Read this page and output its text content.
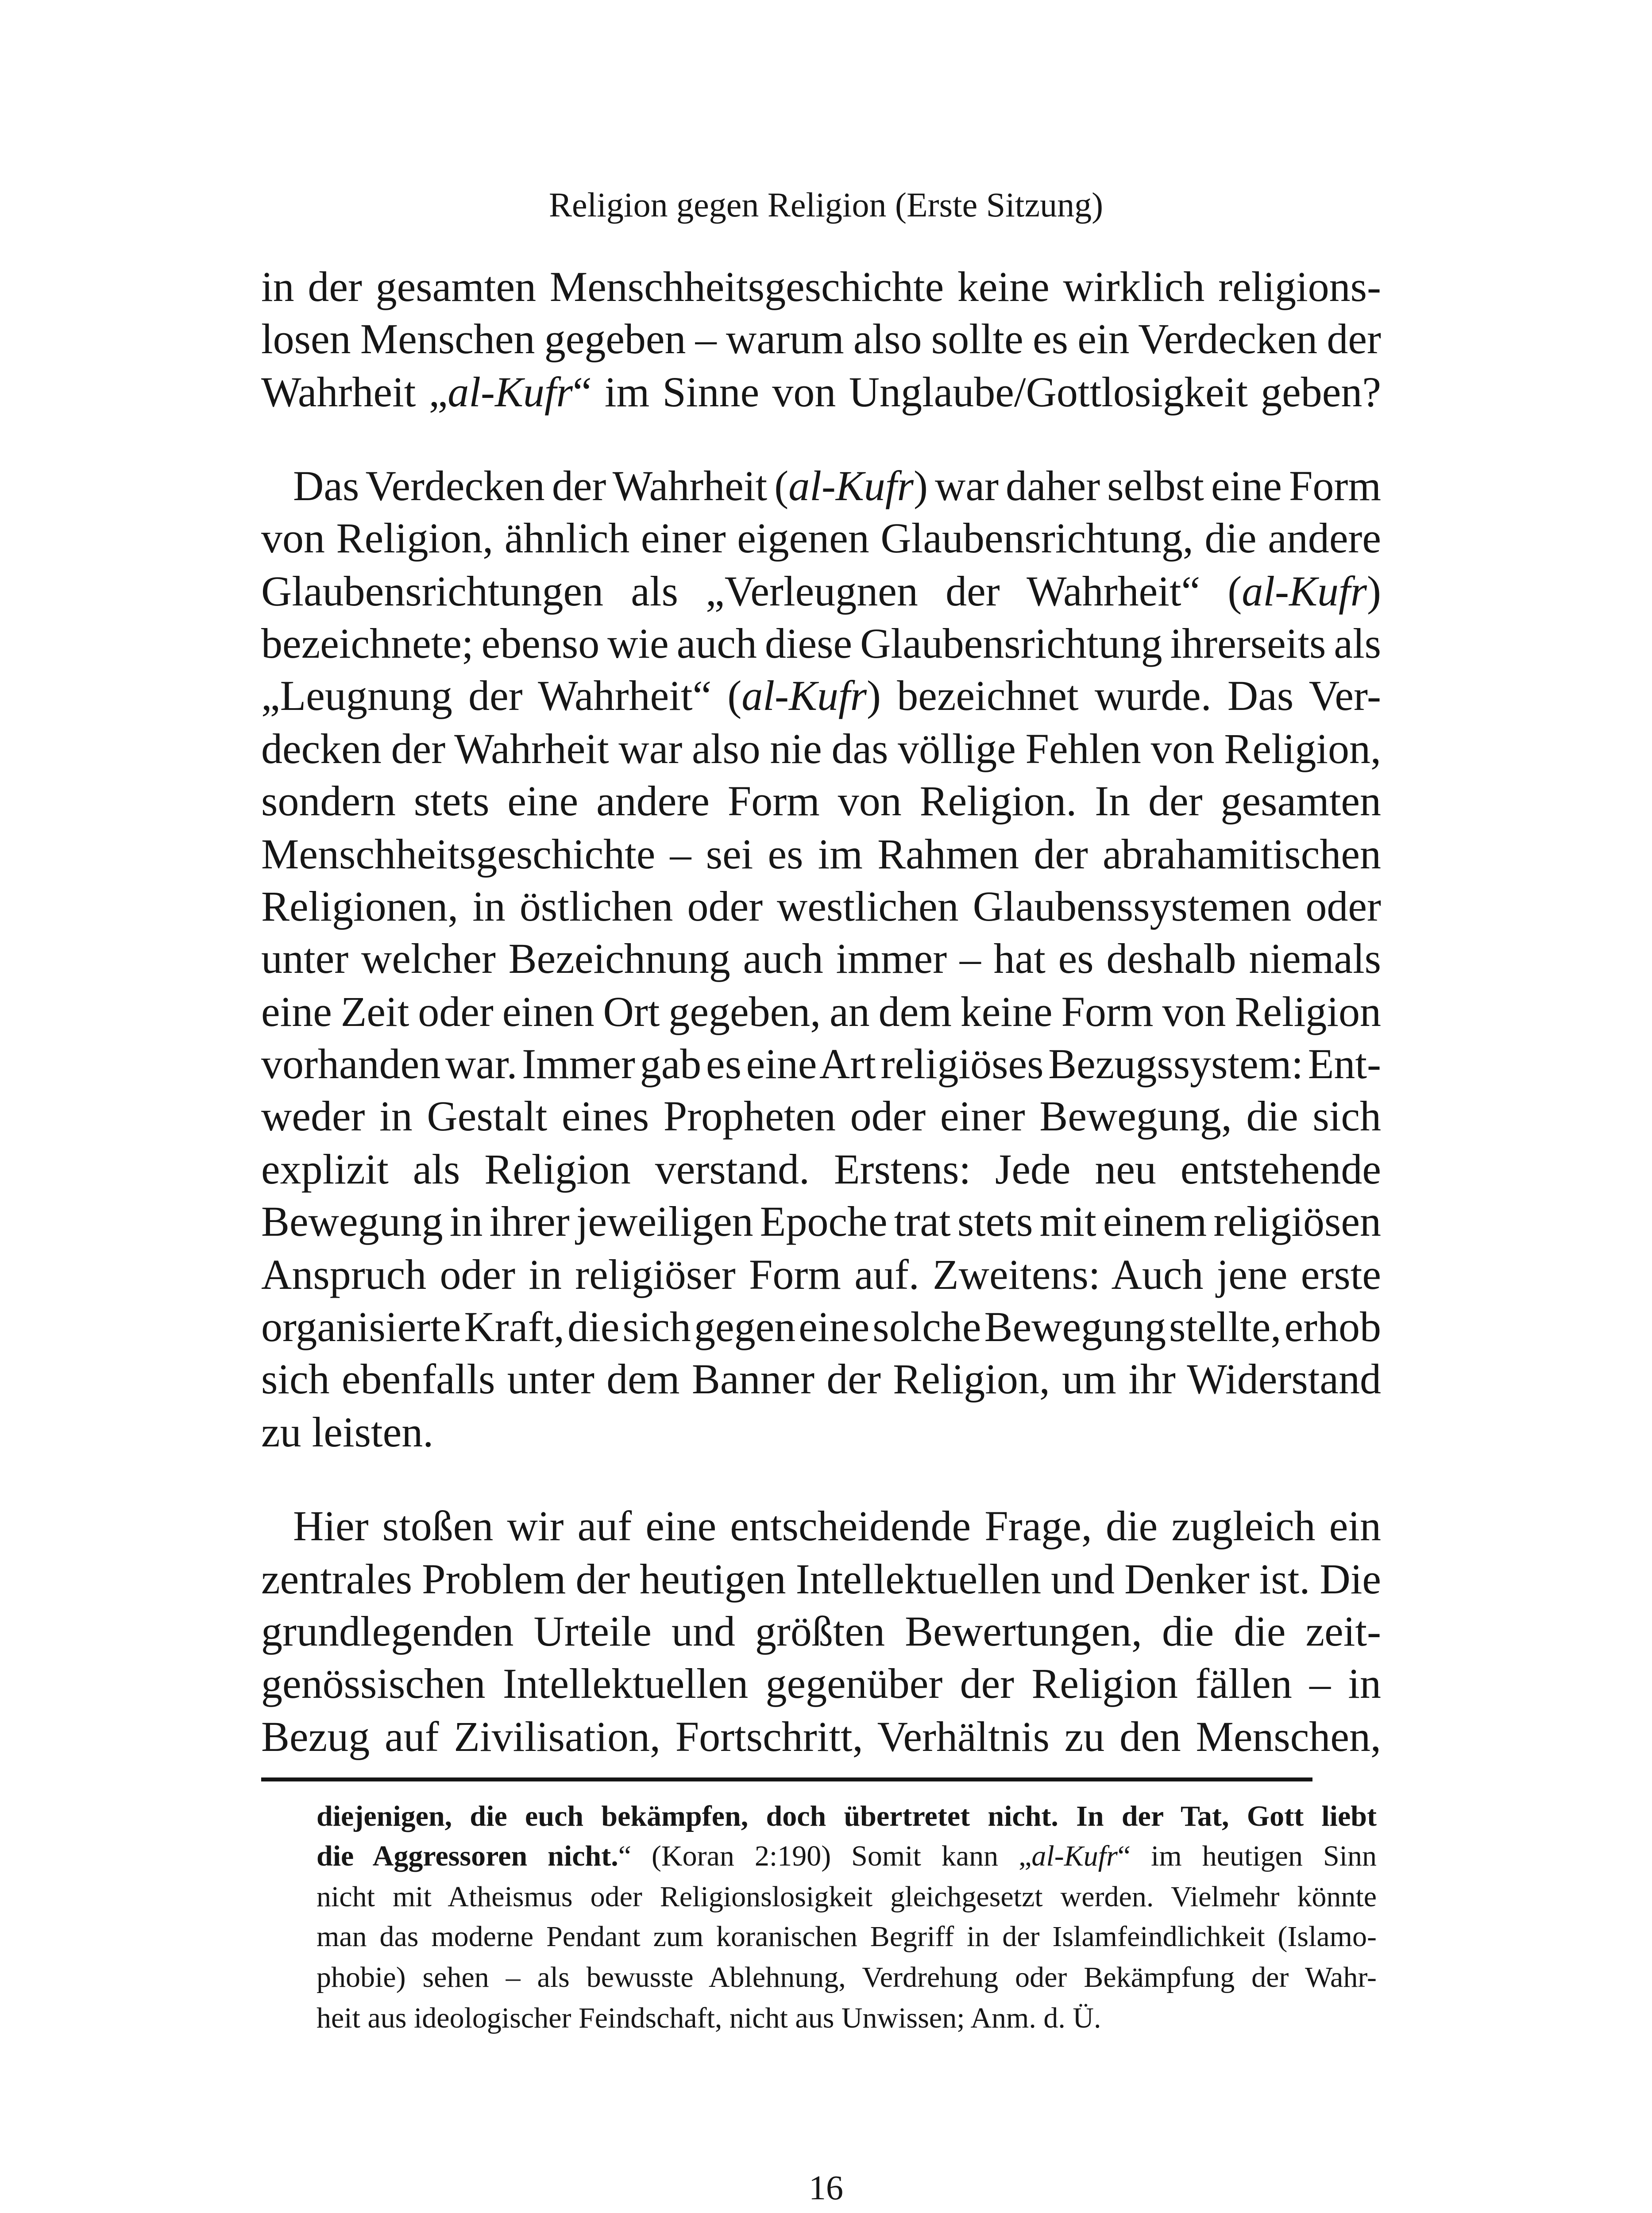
Religion gegen Religion (Erste Sitzung)
in der gesamten Menschheitsgeschichte keine wirklich religions-
losen Menschen gegeben – warum also sollte es ein Verdecken der
Wahrheit „al-Kufr“ im Sinne von Unglaube/Gottlosigkeit geben?
Das Verdecken der Wahrheit (al-Kufr) war daher selbst eine Form
von Religion, ähnlich einer eigenen Glaubensrichtung, die andere
Glaubensrichtungen als „Verleugnen der Wahrheit“ (al-Kufr)
bezeichnete; ebenso wie auch diese Glaubensrichtung ihrerseits als
„Leugnung der Wahrheit“ (al-Kufr) bezeichnet wurde. Das Ver-
decken der Wahrheit war also nie das völlige Fehlen von Religion,
sondern stets eine andere Form von Religion. In der gesamten
Menschheitsgeschichte – sei es im Rahmen der abrahamitischen
Religionen, in östlichen oder westlichen Glaubenssystemen oder
unter welcher Bezeichnung auch immer – hat es deshalb niemals
eine Zeit oder einen Ort gegeben, an dem keine Form von Religion
vorhanden war. Immer gab es eine Art religiöses Bezugssystem: Ent-
weder in Gestalt eines Propheten oder einer Bewegung, die sich
explizit als Religion verstand. Erstens: Jede neu entstehende
Bewegung in ihrer jeweiligen Epoche trat stets mit einem religiösen
Anspruch oder in religiöser Form auf. Zweitens: Auch jene erste
organisierte Kraft, die sich gegen eine solche Bewegung stellte, erhob
sich ebenfalls unter dem Banner der Religion, um ihr Widerstand
zu leisten.
Hier stoßen wir auf eine entscheidende Frage, die zugleich ein
zentrales Problem der heutigen Intellektuellen und Denker ist. Die
grundlegenden Urteile und größten Bewertungen, die die zeit-
genössischen Intellektuellen gegenüber der Religion fällen – in
Bezug auf Zivilisation, Fortschritt, Verhältnis zu den Menschen,
diejenigen, die euch bekämpfen, doch übertretet nicht. In der Tat, Gott liebt
die Aggressoren nicht.“ (Koran 2:190) Somit kann „al-Kufr“ im heutigen Sinn
nicht mit Atheismus oder Religionslosigkeit gleichgesetzt werden. Vielmehr könnte
man das moderne Pendant zum koranischen Begriff in der Islamfeindlichkeit (Islamo-
phobie) sehen – als bewusste Ablehnung, Verdrehung oder Bekämpfung der Wahr-
heit aus ideologischer Feindschaft, nicht aus Unwissen; Anm. d. Ü.
16
